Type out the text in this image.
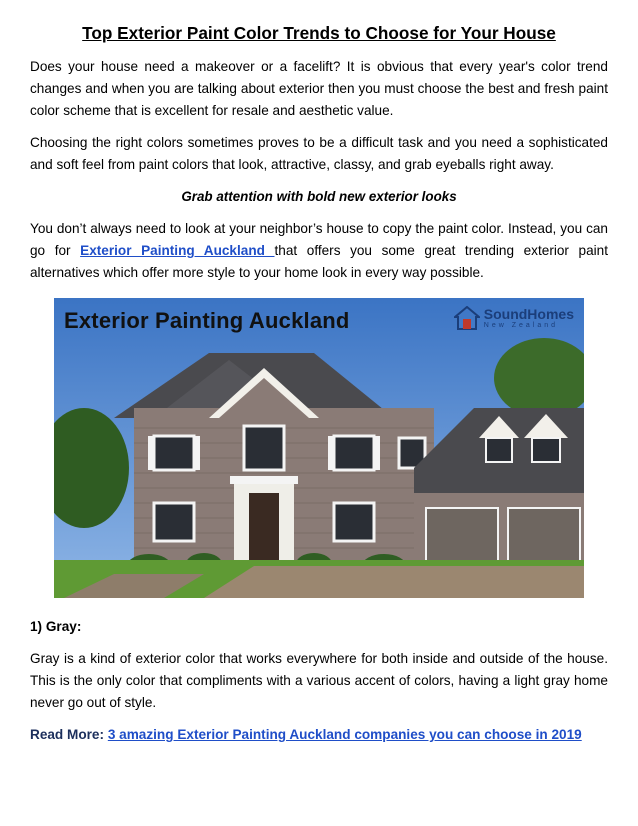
Top Exterior Paint Color Trends to Choose for Your House

Does your house need a makeover or a facelift? It is obvious that every year's color trend changes and when you are talking about exterior then you must choose the best and fresh paint color scheme that is excellent for resale and aesthetic value.

Choosing the right colors sometimes proves to be a difficult task and you need a sophisticated and soft feel from paint colors that look, attractive, classy, and grab eyeballs right away.

Grab attention with bold new exterior looks

You don’t always need to look at your neighbor’s house to copy the paint color. Instead, you can go for Exterior Painting Auckland that offers you some great trending exterior paint alternatives which offer more style to your home look in every way possible.

Exterior Painting Auckland	SoundHomes
New Zealand
1) Gray:

Gray is a kind of exterior color that works everywhere for both inside and outside of the house. This is the only color that compliments with a various accent of colors, having a light gray home never go out of style.

Read More: 3 amazing Exterior Painting Auckland companies you can choose in 2019
